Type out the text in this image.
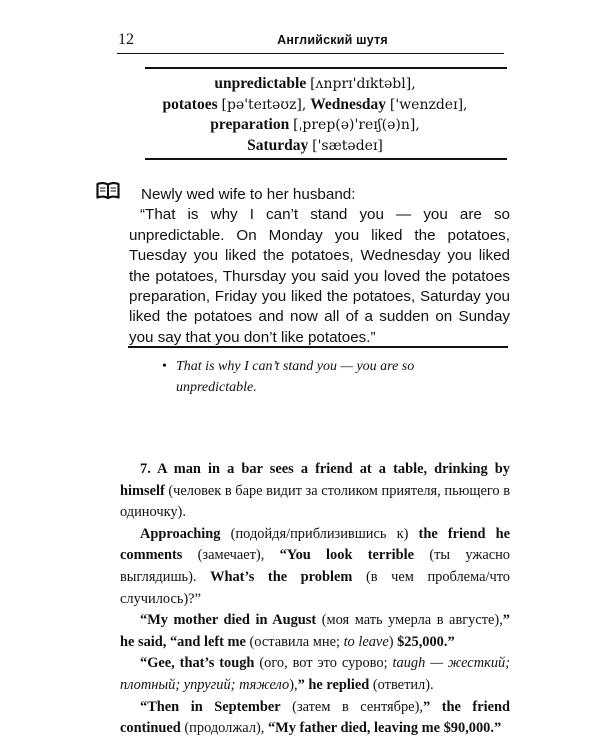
12	Английский шутя
unpredictable [ʌnprɪ'dɪktəbl],
potatoes [pə'teɪtəʊz], Wednesday ['wenzdeɪ],
preparation [ˌprep(ə)'reɪʃ(ə)n],
Saturday ['sætədeɪ]
Newly wed wife to her husband:

“That is why I can’t stand you — you are so unpredictable. On Monday you liked the potatoes, Tuesday you liked the potatoes, Wednesday you liked the potatoes, Thursday you said you loved the potatoes preparation, Friday you liked the potatoes, Saturday you liked the potatoes and now all of a sudden on Sunday you say that you don’t like potatoes.”

• That is why I can’t stand you — you are so unpredictable.

7. A man in a bar sees a friend at a table, drinking by himself (человек в баре видит за столиком приятеля, пьющего в одиночку).

Approaching (подойдя/приблизившись к) the friend he comments (замечает), “You look terrible (ты ужасно выглядишь). What’s the problem (в чем проблема/что случилось)?”

“My mother died in August (моя мать умерла в августе),” he said, “and left me (оставила мне; to leave) $25,000.”

“Gee, that’s tough (ого, вот это сурово; taugh — жесткий; плотный; упругий; тяжело),” he replied (ответил).

“Then in September (затем в сентябре),” the friend continued (продолжал), “My father died, leaving me $90,000.”
